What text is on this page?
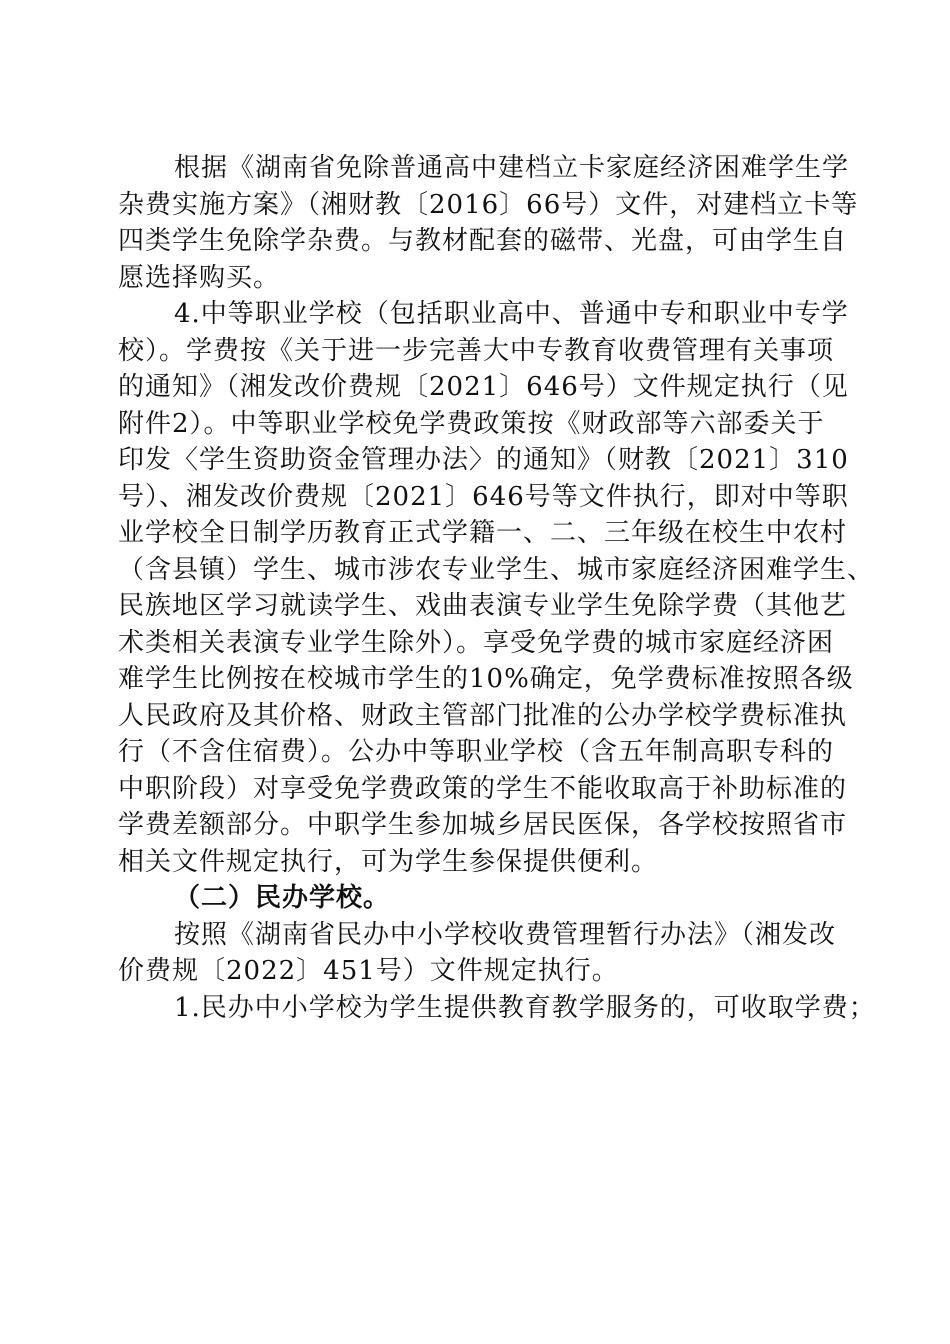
根据《湖南省免除普通高中建档立卡家庭经济困难学生学
杂费实施方案》（湘财教〔2016〕66号）文件，对建档立卡等
四类学生免除学杂费。与教材配套的磁带、光盘，可由学生自
愿选择购买。
4.中等职业学校（包括职业高中、普通中专和职业中专学
校）。学费按《关于进一步完善大中专教育收费管理有关事项
的通知》（湘发改价费规〔2021〕646号）文件规定执行（见
附件2）。中等职业学校免学费政策按《财政部等六部委关于
印发〈学生资助资金管理办法〉的通知》（财教〔2021〕310
号）、湘发改价费规〔2021〕646号等文件执行，即对中等职
业学校全日制学历教育正式学籍一、二、三年级在校生中农村
（含县镇）学生、城市涉农专业学生、城市家庭经济困难学生、
民族地区学习就读学生、戏曲表演专业学生免除学费（其他艺
术类相关表演专业学生除外）。享受免学费的城市家庭经济困
难学生比例按在校城市学生的10%确定，免学费标准按照各级
人民政府及其价格、财政主管部门批准的公办学校学费标准执
行（不含住宿费）。公办中等职业学校（含五年制高职专科的
中职阶段）对享受免学费政策的学生不能收取高于补助标准的
学费差额部分。中职学生参加城乡居民医保，各学校按照省市
相关文件规定执行，可为学生参保提供便利。
（二）民办学校。
按照《湖南省民办中小学校收费管理暂行办法》（湘发改
价费规〔2022〕451号）文件规定执行。
1.民办中小学校为学生提供教育教学服务的，可收取学费；
